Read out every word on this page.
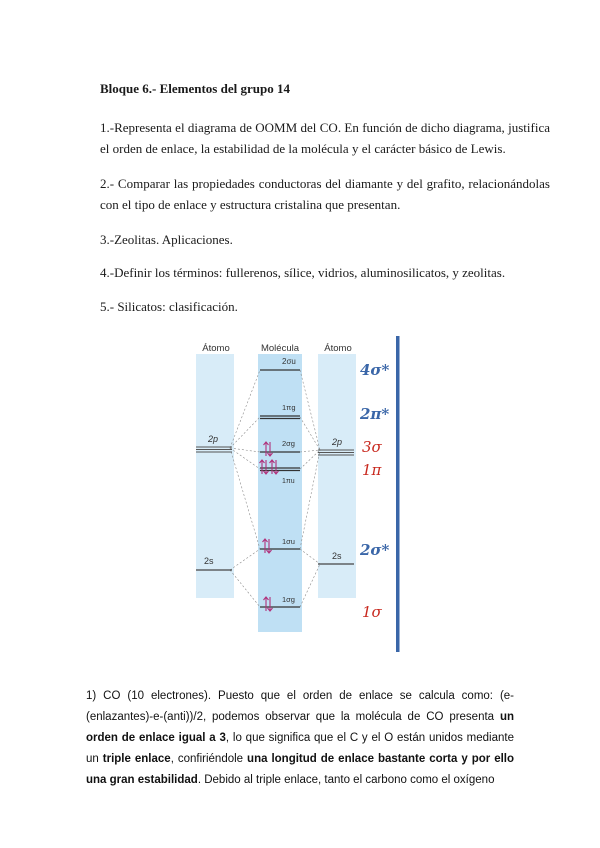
Bloque 6.- Elementos del grupo 14
1.-Representa el diagrama de OOMM del CO. En función de dicho diagrama, justifica el orden de enlace, la estabilidad de la molécula y el carácter básico de Lewis.
2.- Comparar las propiedades conductoras del diamante y del grafito, relacionándolas con el tipo de enlace y estructura cristalina que presentan.
3.-Zeolitas. Aplicaciones.
4.-Definir los términos: fullerenos, sílice, vidrios, aluminosilicatos, y zeolitas.
5.- Silicatos: clasificación.
Átomo	Molécula	Átomo
2p
2s
2p
2s
2σu
1πg
2σg
1πu
1σu
1σg
4σ*
2π*
3σ
1π
2σ*
1σ
1) CO (10 electrones). Puesto que el orden de enlace se calcula como: (e-(enlazantes)-e-(anti))/2, podemos observar que la molécula de CO presenta un orden de enlace igual a 3, lo que significa que el C y el O están unidos mediante un triple enlace, confiriéndole una longitud de enlace bastante corta y por ello una gran estabilidad. Debido al triple enlace, tanto el carbono como el oxígeno
